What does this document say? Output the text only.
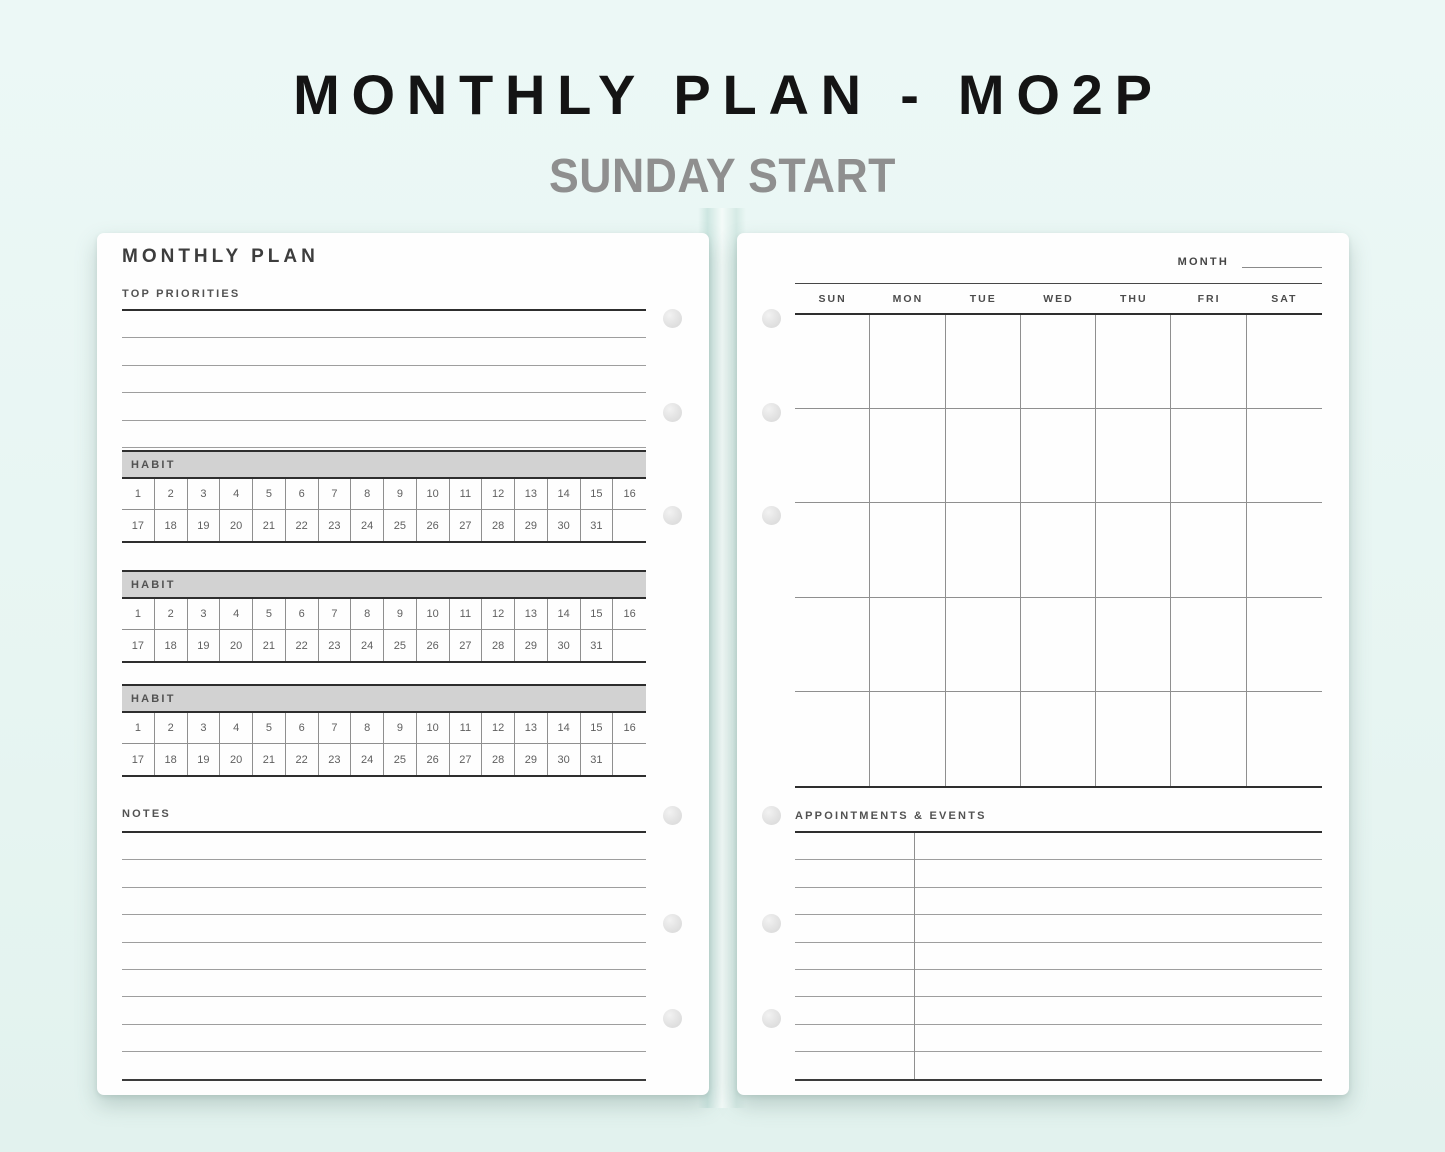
MONTHLY PLAN - MO2P
SUNDAY START
MONTHLY PLAN
TOP PRIORITIES
HABIT
1	2	3	4	5	6	7	8	9	10	11	12	13	14	15	16
17	18	19	20	21	22	23	24	25	26	27	28	29	30	31
HABIT
1	2	3	4	5	6	7	8	9	10	11	12	13	14	15	16
17	18	19	20	21	22	23	24	25	26	27	28	29	30	31
HABIT
1	2	3	4	5	6	7	8	9	10	11	12	13	14	15	16
17	18	19	20	21	22	23	24	25	26	27	28	29	30	31
NOTES
MONTH
SUN	MON	TUE	WED	THU	FRI	SAT
APPOINTMENTS & EVENTS
